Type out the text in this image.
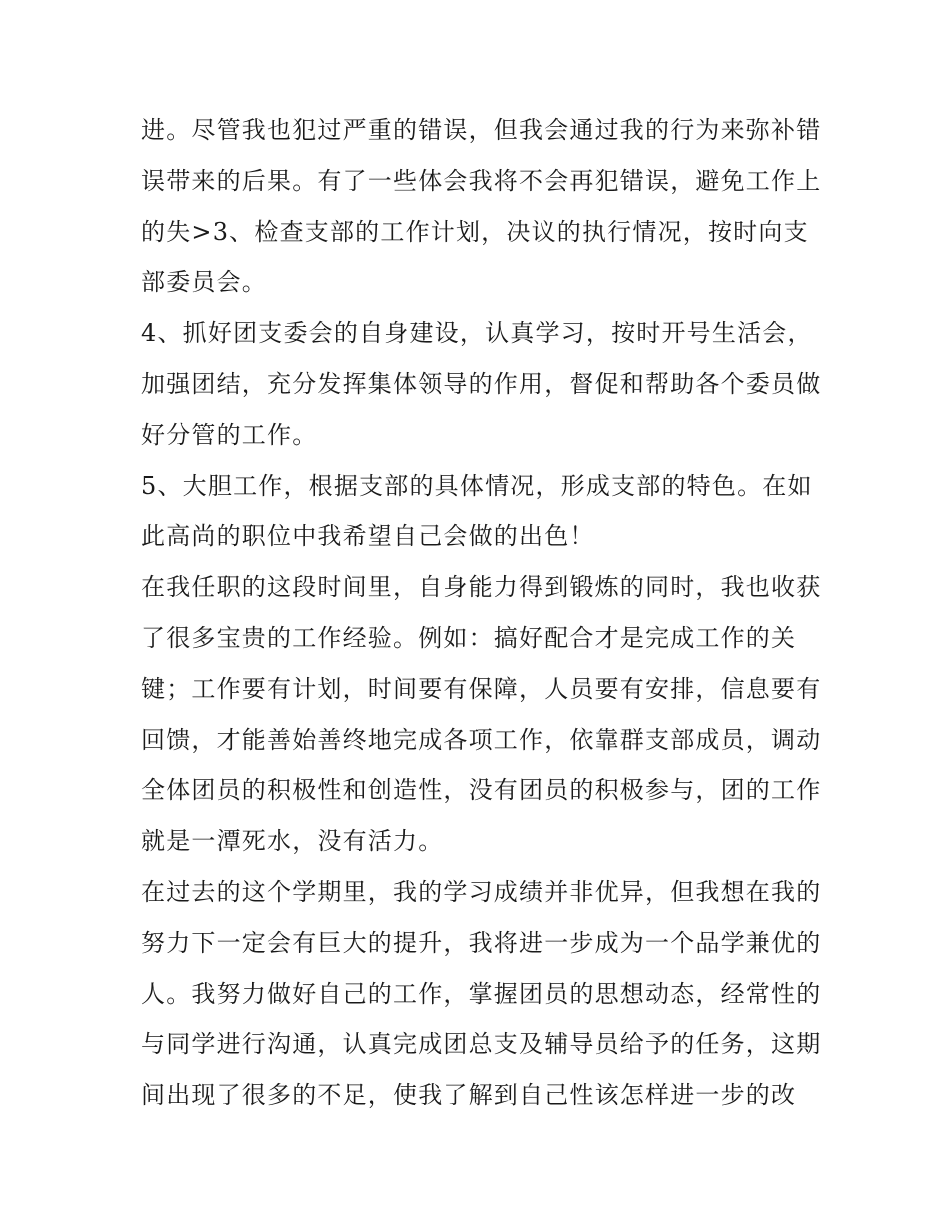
进。尽管我也犯过严重的错误，但我会通过我的行为来弥补错
误带来的后果。有了一些体会我将不会再犯错误，避免工作上
的失>3、检查支部的工作计划，决议的执行情况，按时向支
部委员会。
4、抓好团支委会的自身建设，认真学习，按时开号生活会，
加强团结，充分发挥集体领导的作用，督促和帮助各个委员做
好分管的工作。
5、大胆工作，根据支部的具体情况，形成支部的特色。在如
此高尚的职位中我希望自己会做的出色！
在我任职的这段时间里，自身能力得到锻炼的同时，我也收获
了很多宝贵的工作经验。例如：搞好配合才是完成工作的关
键；工作要有计划，时间要有保障，人员要有安排，信息要有
回馈，才能善始善终地完成各项工作，依靠群支部成员，调动
全体团员的积极性和创造性，没有团员的积极参与，团的工作
就是一潭死水，没有活力。
在过去的这个学期里，我的学习成绩并非优异，但我想在我的
努力下一定会有巨大的提升，我将进一步成为一个品学兼优的
人。我努力做好自己的工作，掌握团员的思想动态，经常性的
与同学进行沟通，认真完成团总支及辅导员给予的任务，这期
间出现了很多的不足，使我了解到自己性该怎样进一步的改
